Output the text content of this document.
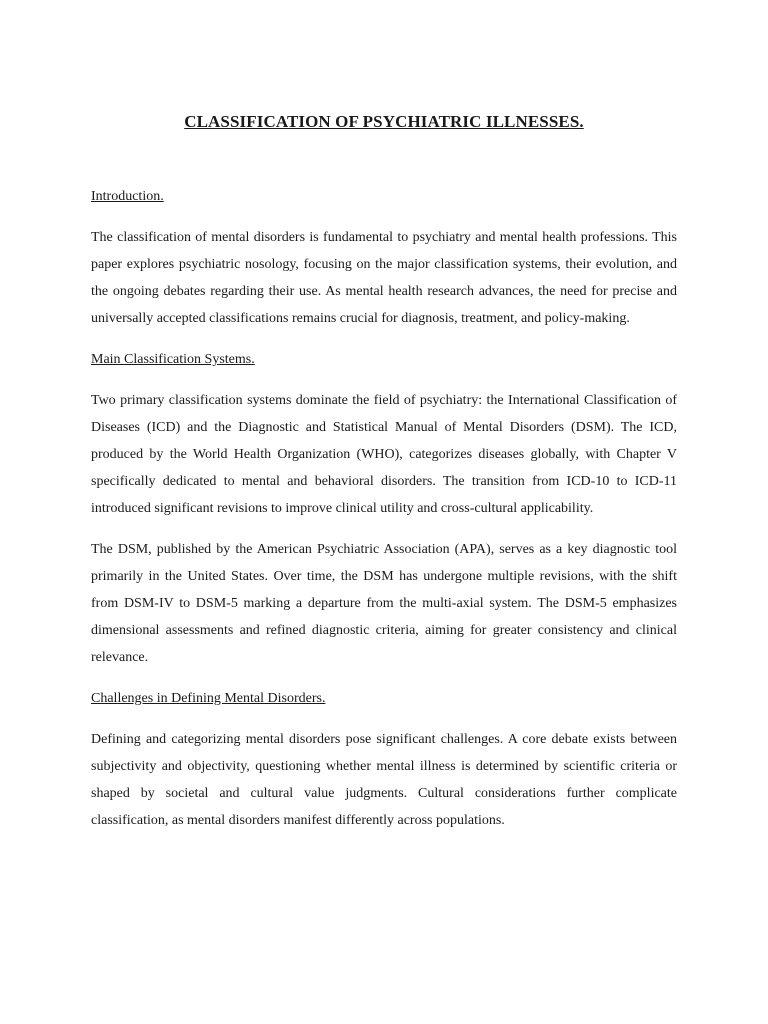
CLASSIFICATION OF PSYCHIATRIC ILLNESSES.

Introduction.

The classification of mental disorders is fundamental to psychiatry and mental health professions. This paper explores psychiatric nosology, focusing on the major classification systems, their evolution, and the ongoing debates regarding their use. As mental health research advances, the need for precise and universally accepted classifications remains crucial for diagnosis, treatment, and policy-making.

Main Classification Systems.

Two primary classification systems dominate the field of psychiatry: the International Classification of Diseases (ICD) and the Diagnostic and Statistical Manual of Mental Disorders (DSM). The ICD, produced by the World Health Organization (WHO), categorizes diseases globally, with Chapter V specifically dedicated to mental and behavioral disorders. The transition from ICD-10 to ICD-11 introduced significant revisions to improve clinical utility and cross-cultural applicability.

The DSM, published by the American Psychiatric Association (APA), serves as a key diagnostic tool primarily in the United States. Over time, the DSM has undergone multiple revisions, with the shift from DSM-IV to DSM-5 marking a departure from the multi-axial system. The DSM-5 emphasizes dimensional assessments and refined diagnostic criteria, aiming for greater consistency and clinical relevance.

Challenges in Defining Mental Disorders.

Defining and categorizing mental disorders pose significant challenges. A core debate exists between subjectivity and objectivity, questioning whether mental illness is determined by scientific criteria or shaped by societal and cultural value judgments. Cultural considerations further complicate classification, as mental disorders manifest differently across populations.
